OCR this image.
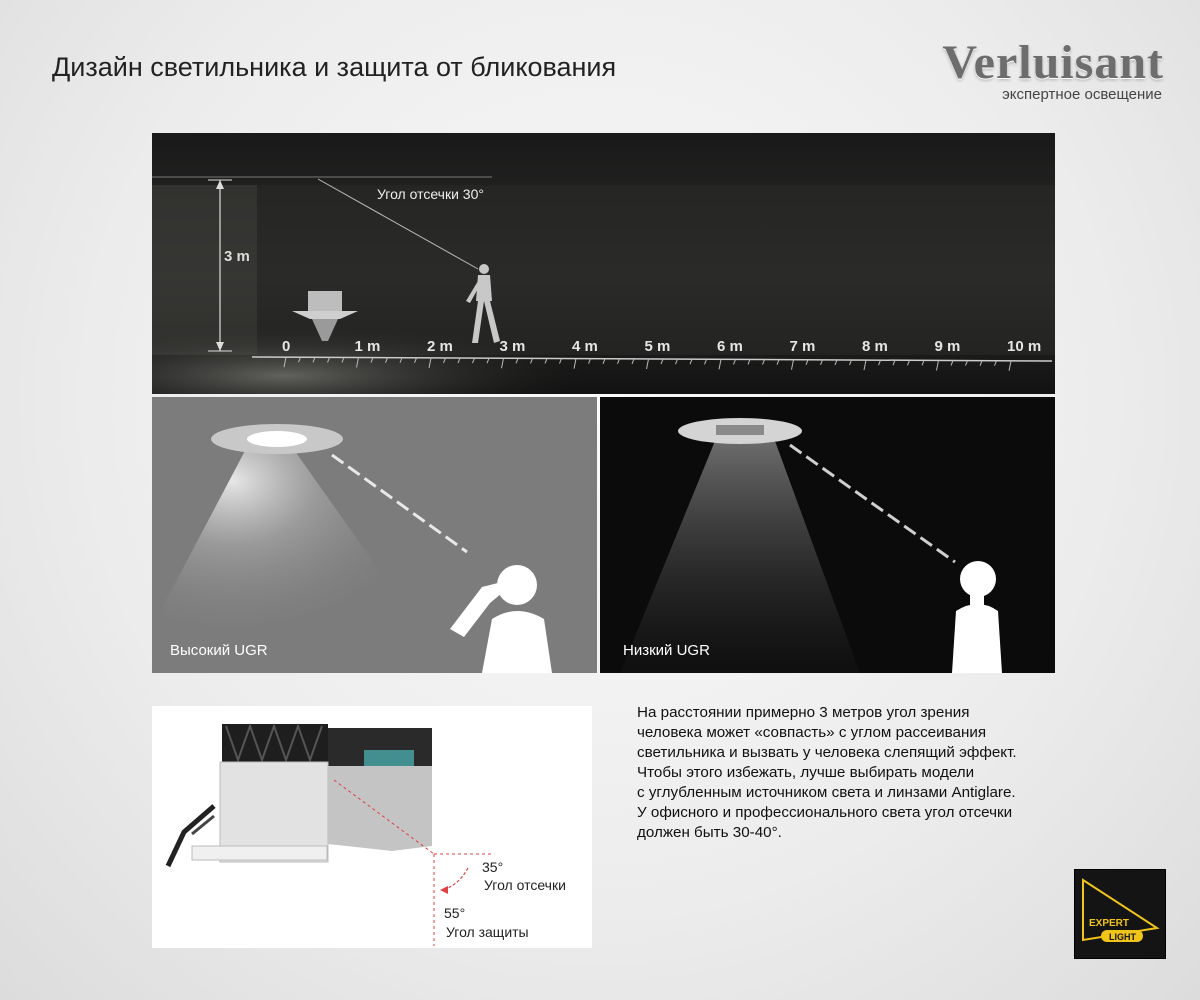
Дизайн светильника и защита от бликования	Verluisant
экспертное освещение
3 m
Угол отсечки 30°
0	1 m	2 m	3 m	4 m	5 m	6 m	7 m	8 m	9 m	10 m
Высокий UGR	Низкий UGR
35°
Угол отсечки
55°
Угол защиты

На расстоянии примерно 3 метров угол зрения

человека может «совпасть» с углом рассеивания

светильника и вызвать у человека слепящий эффект.

Чтобы этого избежать, лучше выбирать модели

с углубленным источником света и линзами Antiglare.

У офисного и профессионального света угол отсечки

должен быть 30-40°.

EXPERT
LIGHT
